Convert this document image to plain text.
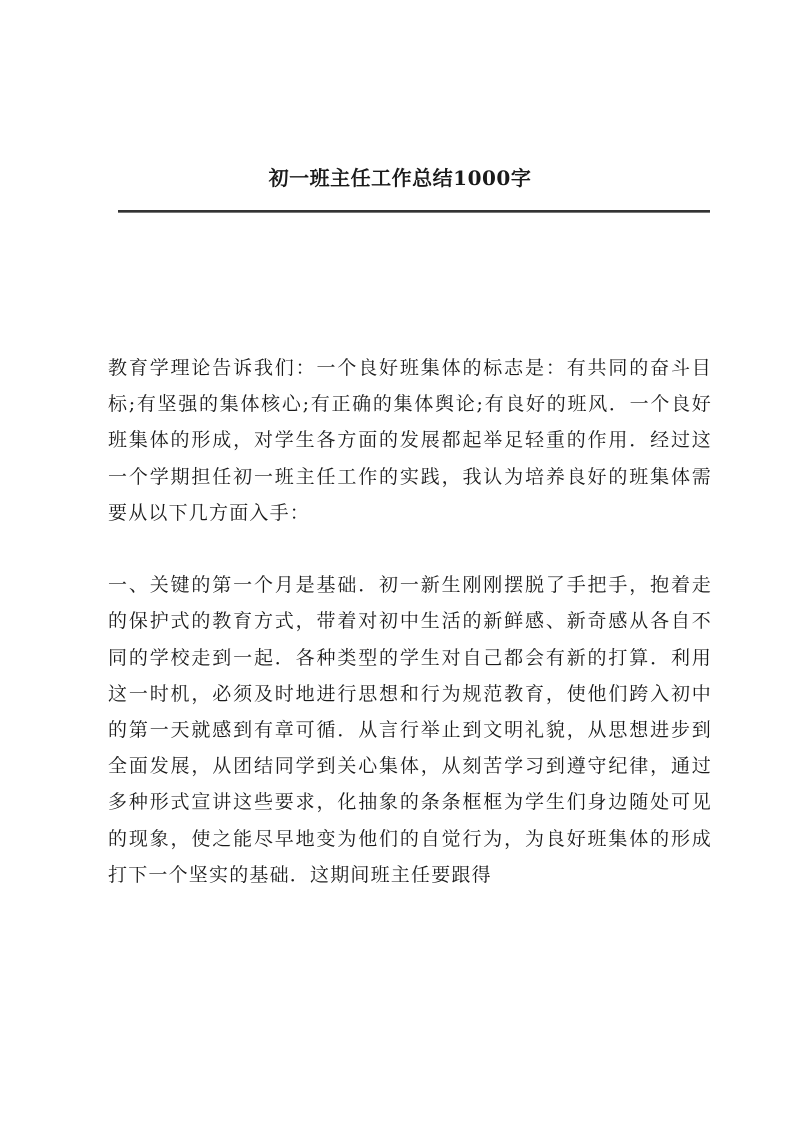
初一班主任工作总结1000字

教育学理论告诉我们：一个良好班集体的标志是：有共同的奋斗目标;有坚强的集体核心;有正确的集体舆论;有良好的班风．一个良好班集体的形成，对学生各方面的发展都起举足轻重的作用．经过这一个学期担任初一班主任工作的实践，我认为培养良好的班集体需要从以下几方面入手：

一、关键的第一个月是基础．初一新生刚刚摆脱了手把手，抱着走的保护式的教育方式，带着对初中生活的新鲜感、新奇感从各自不同的学校走到一起．各种类型的学生对自己都会有新的打算．利用这一时机，必须及时地进行思想和行为规范教育，使他们跨入初中的第一天就感到有章可循．从言行举止到文明礼貌，从思想进步到全面发展，从团结同学到关心集体，从刻苦学习到遵守纪律，通过多种形式宣讲这些要求，化抽象的条条框框为学生们身边随处可见的现象，使之能尽早地变为他们的自觉行为，为良好班集体的形成打下一个坚实的基础．这期间班主任要跟得
